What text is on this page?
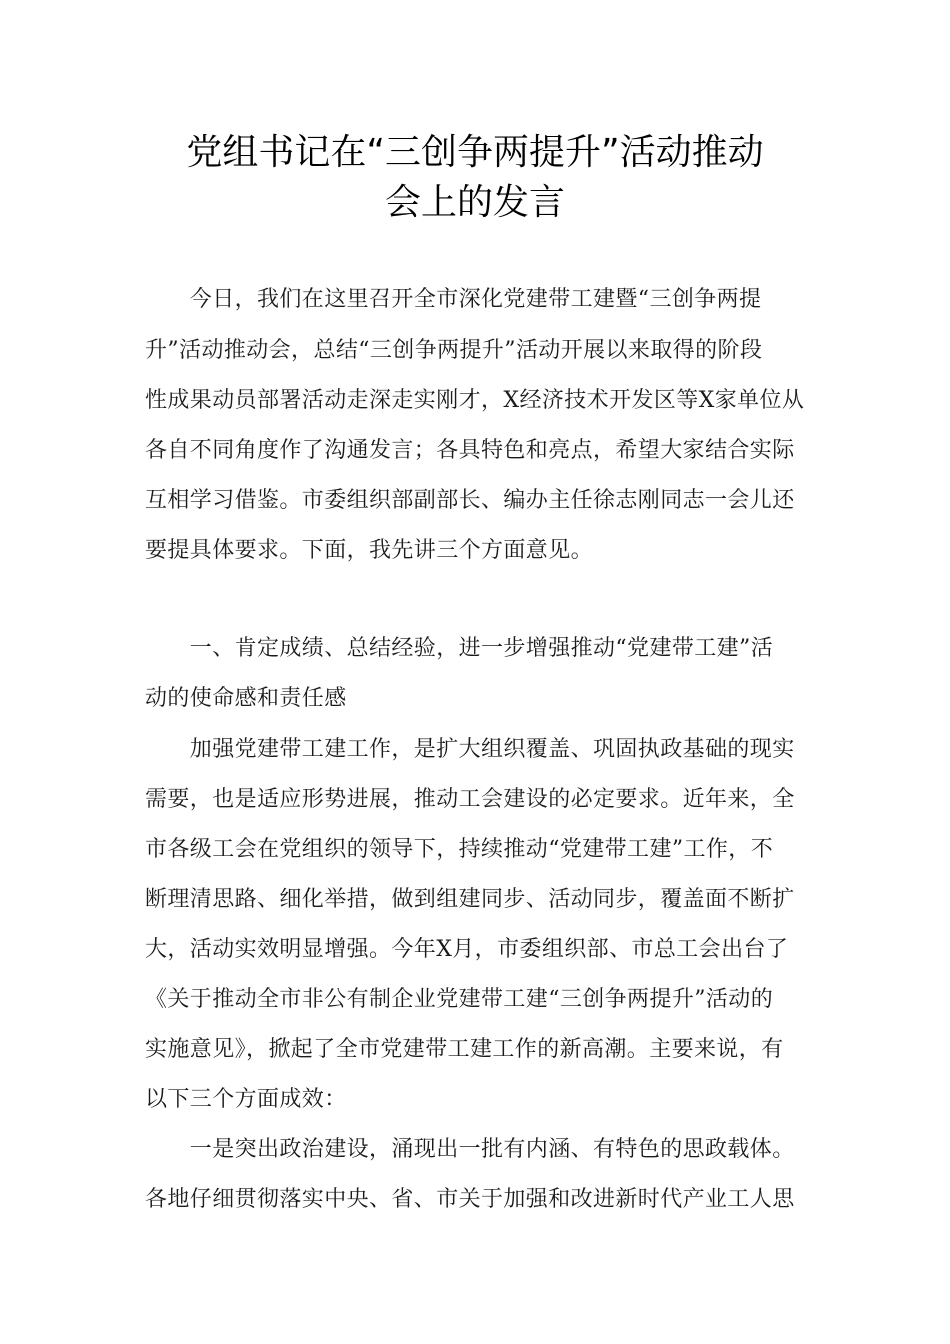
党组书记在“三创争两提升”活动推动
会上的发言
　　今日，我们在这里召开全市深化党建带工建暨“三创争两提
升”活动推动会，总结“三创争两提升”活动开展以来取得的阶段
性成果动员部署活动走深走实刚才，X经济技术开发区等X家单位从
各自不同角度作了沟通发言；各具特色和亮点，希望大家结合实际
互相学习借鉴。市委组织部副部长、编办主任徐志刚同志一会儿还
要提具体要求。下面，我先讲三个方面意见。
　　一、肯定成绩、总结经验，进一步增强推动“党建带工建”活
动的使命感和责任感
　　加强党建带工建工作，是扩大组织覆盖、巩固执政基础的现实
需要，也是适应形势进展，推动工会建设的必定要求。近年来，全
市各级工会在党组织的领导下，持续推动“党建带工建”工作，不
断理清思路、细化举措，做到组建同步、活动同步，覆盖面不断扩
大，活动实效明显增强。今年X月，市委组织部、市总工会出台了
《关于推动全市非公有制企业党建带工建“三创争两提升”活动的
实施意见》，掀起了全市党建带工建工作的新高潮。主要来说，有
以下三个方面成效：
　　一是突出政治建设，涌现出一批有内涵、有特色的思政载体。
各地仔细贯彻落实中央、省、市关于加强和改进新时代产业工人思
